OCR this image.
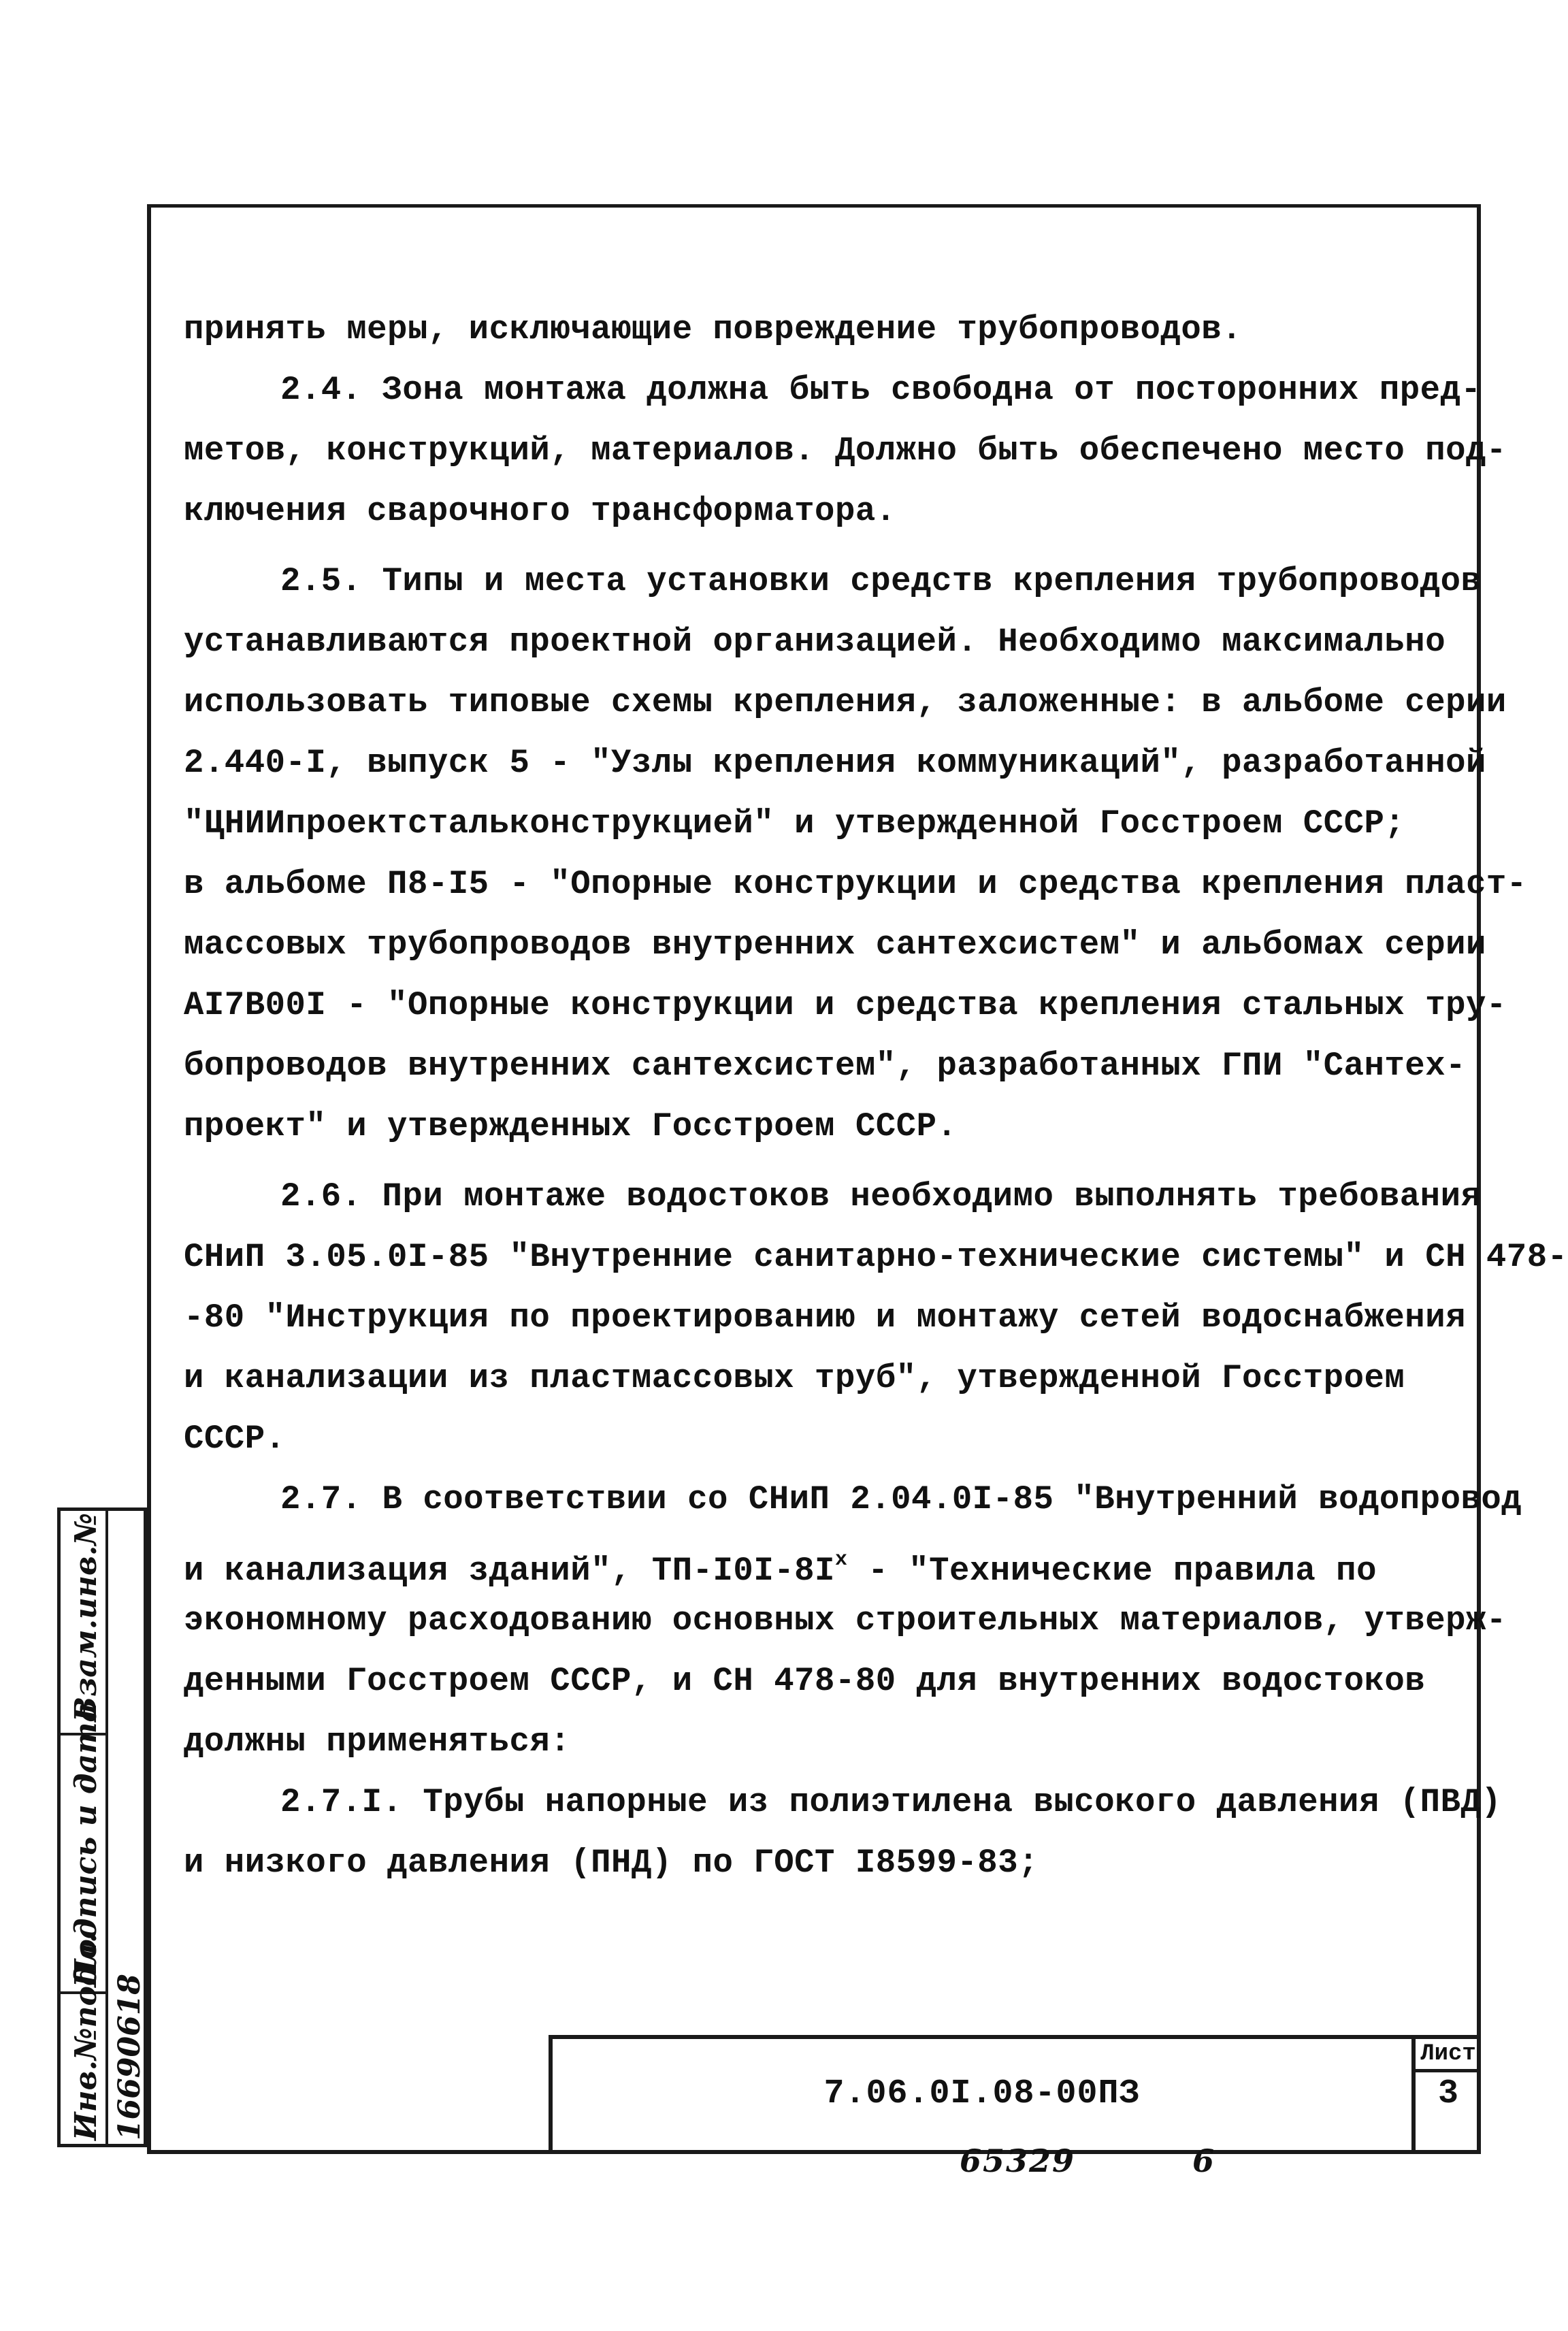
принять меры, исключающие повреждение трубопроводов.
2.4. Зона монтажа должна быть свободна от посторонних пред-
метов, конструкций, материалов. Должно быть обеспечено место под-
ключения сварочного трансформатора.
2.5. Типы и места установки средств крепления трубопроводов
устанавливаются проектной организацией. Необходимо максимально
использовать типовые схемы крепления, заложенные: в альбоме серии
2.440-I, выпуск 5 - "Узлы крепления коммуникаций", разработанной
"ЦНИИпроектстальконструкцией" и утвержденной Госстроем СССР;
в альбоме П8-I5 - "Опорные конструкции и средства крепления пласт-
массовых трубопроводов внутренних сантехсистем" и альбомах серии
AI7B00I - "Опорные конструкции и средства крепления стальных тру-
бопроводов внутренних сантехсистем", разработанных ГПИ "Сантех-
проект" и утвержденных Госстроем СССР.
2.6. При монтаже водостоков необходимо выполнять требования
СНиП 3.05.0I-85 "Внутренние санитарно-технические системы" и СН 478-
-80 "Инструкция по проектированию и монтажу сетей водоснабжения
и канализации из пластмассовых труб", утвержденной Госстроем
СССР.
2.7. В соответствии со СНиП 2.04.0I-85 "Внутренний водопровод
и канализация зданий", $ТП-I0I-8I^x$ - "Технические правила по
экономному расходованию основных строительных материалов, утверж-
денными Госстроем СССР, и СН 478-80 для внутренних водостоков
должны применяться:
2.7.I. Трубы напорные из полиэтилена высокого давления (ПВД)
и низкого давления (ПНД) по ГОСТ I8599-83;
7.06.0I.08-00ПЗ
Лист
3
65329	6
Взам.инв.№
Подпись и дата
Инв.№подл. 16690618
